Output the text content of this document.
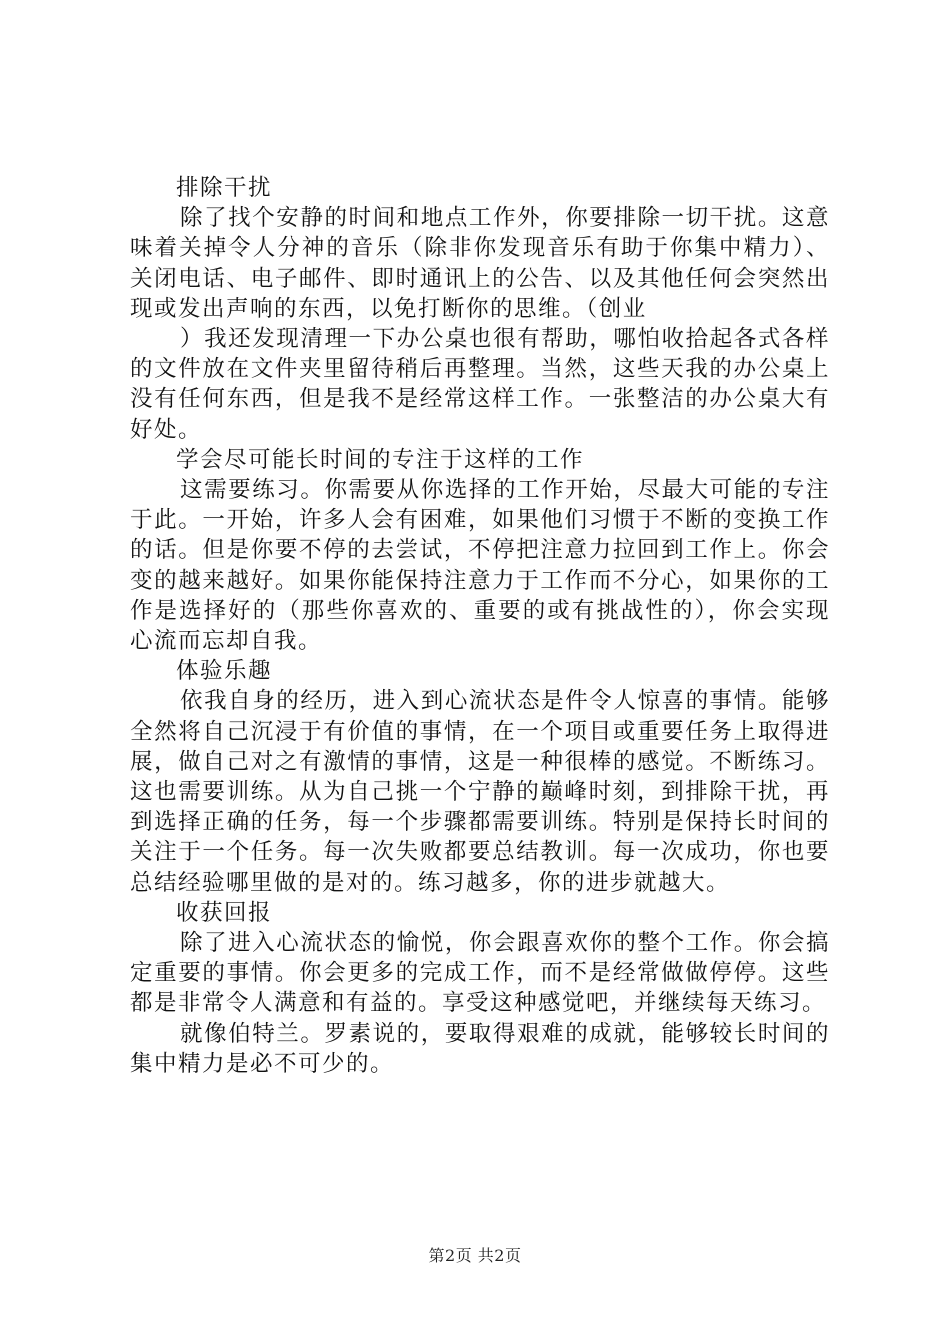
排除干扰

除了找个安静的时间和地点工作外，你要排除一切干扰。这意味着关掉令人分神的音乐（除非你发现音乐有助于你集中精力）、关闭电话、电子邮件、即时通讯上的公告、以及其他任何会突然出现或发出声响的东西，以免打断你的思维。（创业

）我还发现清理一下办公桌也很有帮助，哪怕收拾起各式各样的文件放在文件夹里留待稍后再整理。当然，这些天我的办公桌上没有任何东西，但是我不是经常这样工作。一张整洁的办公桌大有好处。

学会尽可能长时间的专注于这样的工作

这需要练习。你需要从你选择的工作开始，尽最大可能的专注于此。一开始，许多人会有困难，如果他们习惯于不断的变换工作的话。但是你要不停的去尝试，不停把注意力拉回到工作上。你会变的越来越好。如果你能保持注意力于工作而不分心，如果你的工作是选择好的（那些你喜欢的、重要的或有挑战性的），你会实现心流而忘却自我。

体验乐趣

依我自身的经历，进入到心流状态是件令人惊喜的事情。能够全然将自己沉浸于有价值的事情，在一个项目或重要任务上取得进展，做自己对之有激情的事情，这是一种很棒的感觉。不断练习。这也需要训练。从为自己挑一个宁静的巅峰时刻，到排除干扰，再到选择正确的任务，每一个步骤都需要训练。特别是保持长时间的关注于一个任务。每一次失败都要总结教训。每一次成功，你也要总结经验哪里做的是对的。练习越多，你的进步就越大。

收获回报

除了进入心流状态的愉悦，你会跟喜欢你的整个工作。你会搞定重要的事情。你会更多的完成工作，而不是经常做做停停。这些都是非常令人满意和有益的。享受这种感觉吧，并继续每天练习。

就像伯特兰。罗素说的，要取得艰难的成就，能够较长时间的集中精力是必不可少的。

第2页 共2页
